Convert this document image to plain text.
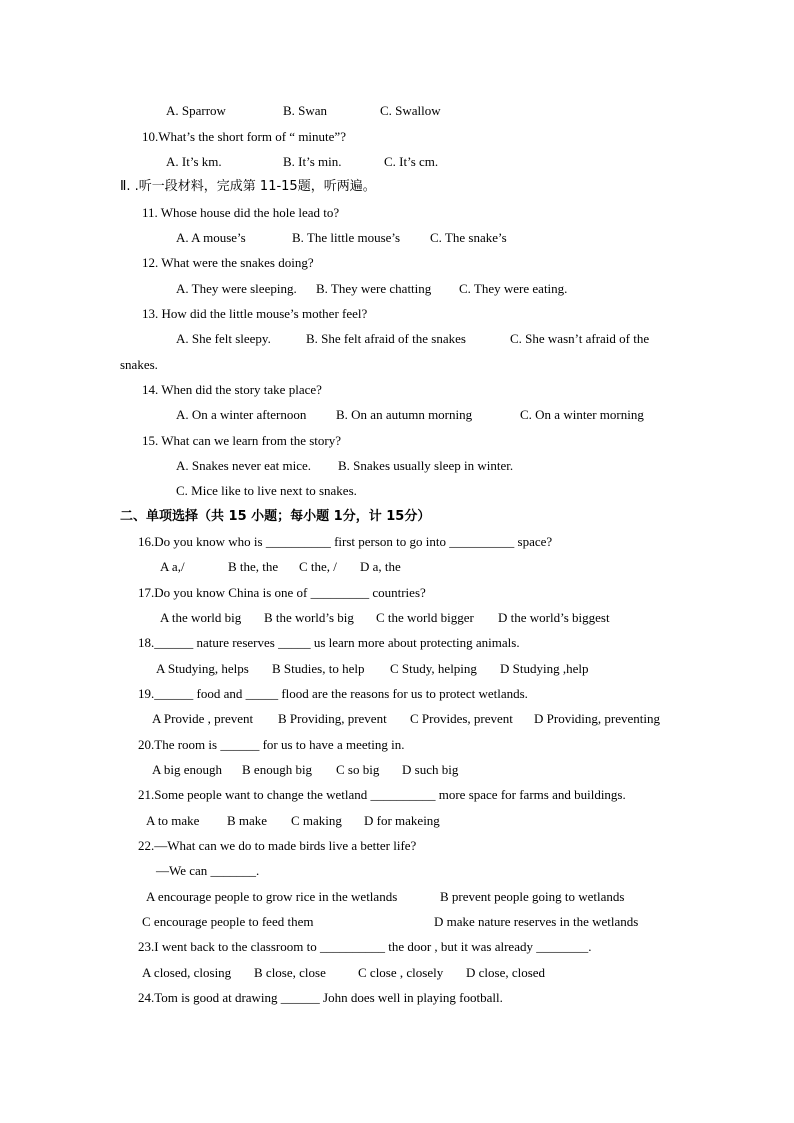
A. Sparrow	B. Swan	C. Swallow
10.What’s the short form of “ minute”?
A. It’s km.	B. It’s min.	C. It’s cm.
Ⅱ. .听一段材料，完成第 11-15题，听两遍。
11. Whose house did the hole lead to?
A. A mouse’s	B. The little mouse’s C. The snake’s
12. What were the snakes doing?
A. They were sleeping. B. They were chatting C. They were eating.
13. How did the little mouse’s mother feel?
A. She felt sleepy.	B. She felt afraid of the snakes	C. She wasn’t afraid of the
snakes.
14. When did the story take place?
A. On a winter afternoon B. On an autumn morning	C. On a winter morning
15. What can we learn from the story?
A. Snakes never eat mice. B. Snakes usually sleep in winter.
C. Mice like to live next to snakes.
二、单项选择（共 15 小题；每小题 1分，计 15分）
16.Do you know who is __________ first person to go into __________ space?
A a,/	B the, the C the, / D a, the
17.Do you know China is one of _________ countries?
A the world big B the world’s big C the world bigger D the world’s biggest
18.______ nature reserves _____ us learn more about protecting animals.
A Studying, helps B Studies, to help C Study, helping D Studying ,help
19.______ food and _____ flood are the reasons for us to protect wetlands.
A Provide , prevent B Providing, prevent C Provides, prevent D Providing, preventing
20.The room is ______ for us to have a meeting in.
A big enough B enough big C so big D such big
21.Some people want to change the wetland __________ more space for farms and buildings.
A to make B make C making D for makeing
22.—What can we do to made birds live a better life?
—We can _______.
A encourage people to grow rice in the wetlands	B prevent people going to wetlands
C encourage people to feed them	D make nature reserves in the wetlands
23.I went back to the classroom to __________ the door , but it was already ________.
A closed, closing B close, close C close , closely D close, closed
24.Tom is good at drawing ______ John does well in playing football.
